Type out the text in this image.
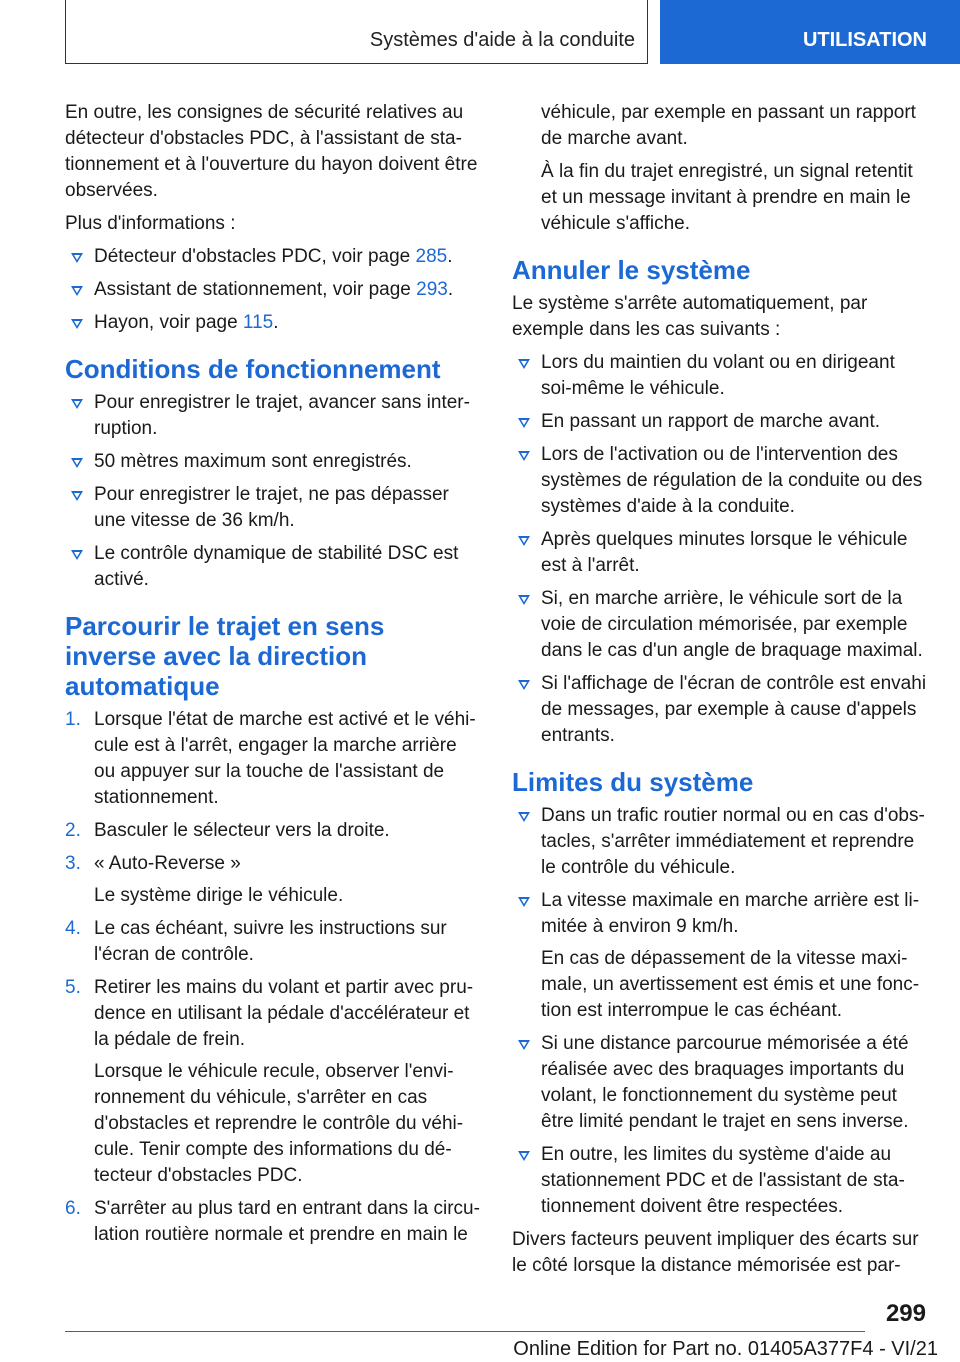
Systèmes d'aide à la conduite	UTILISATION

En outre, les consignes de sécurité relatives au détecteur d'obstacles PDC, à l'assistant de stationnement et à l'ouverture du hayon doivent être observées.

Plus d'informations :

Détecteur d'obstacles PDC, voir page 285.
Assistant de stationnement, voir page 293.
Hayon, voir page 115.
Conditions de fonctionnement
Pour enregistrer le trajet, avancer sans interruption.
50 mètres maximum sont enregistrés.
Pour enregistrer le trajet, ne pas dépasser une vitesse de 36 km/h.
Le contrôle dynamique de stabilité DSC est activé.
Parcourir le trajet en sens inverse avec la direction automatique
1. Lorsque l'état de marche est activé et le véhicule est à l'arrêt, engager la marche arrière ou appuyer sur la touche de l'assistant de stationnement.
2. Basculer le sélecteur vers la droite.
3. « Auto-Reverse »
Le système dirige le véhicule.
4. Le cas échéant, suivre les instructions sur l'écran de contrôle.
5. Retirer les mains du volant et partir avec prudence en utilisant la pédale d'accélérateur et la pédale de frein.
Lorsque le véhicule recule, observer l'environnement du véhicule, s'arrêter en cas d'obstacles et reprendre le contrôle du véhicule. Tenir compte des informations du détecteur d'obstacles PDC.
6. S'arrêter au plus tard en entrant dans la circulation routière normale et prendre en main le

véhicule, par exemple en passant un rapport de marche avant.

À la fin du trajet enregistré, un signal retentit et un message invitant à prendre en main le véhicule s'affiche.

Annuler le système

Le système s'arrête automatiquement, par exemple dans les cas suivants :

Lors du maintien du volant ou en dirigeant soi-même le véhicule.
En passant un rapport de marche avant.
Lors de l'activation ou de l'intervention des systèmes de régulation de la conduite ou des systèmes d'aide à la conduite.
Après quelques minutes lorsque le véhicule est à l'arrêt.
Si, en marche arrière, le véhicule sort de la voie de circulation mémorisée, par exemple dans le cas d'un angle de braquage maximal.
Si l'affichage de l'écran de contrôle est envahi de messages, par exemple à cause d'appels entrants.
Limites du système
Dans un trafic routier normal ou en cas d'obstacles, s'arrêter immédiatement et reprendre le contrôle du véhicule.
La vitesse maximale en marche arrière est limitée à environ 9 km/h.
En cas de dépassement de la vitesse maximale, un avertissement est émis et une fonction est interrompue le cas échéant.
Si une distance parcourue mémorisée a été réalisée avec des braquages importants du volant, le fonctionnement du système peut être limité pendant le trajet en sens inverse.
En outre, les limites du système d'aide au stationnement PDC et de l'assistant de stationnement doivent être respectées.

Divers facteurs peuvent impliquer des écarts sur le côté lorsque la distance mémorisée est par-

299
Online Edition for Part no. 01405A377F4 - VI/21
